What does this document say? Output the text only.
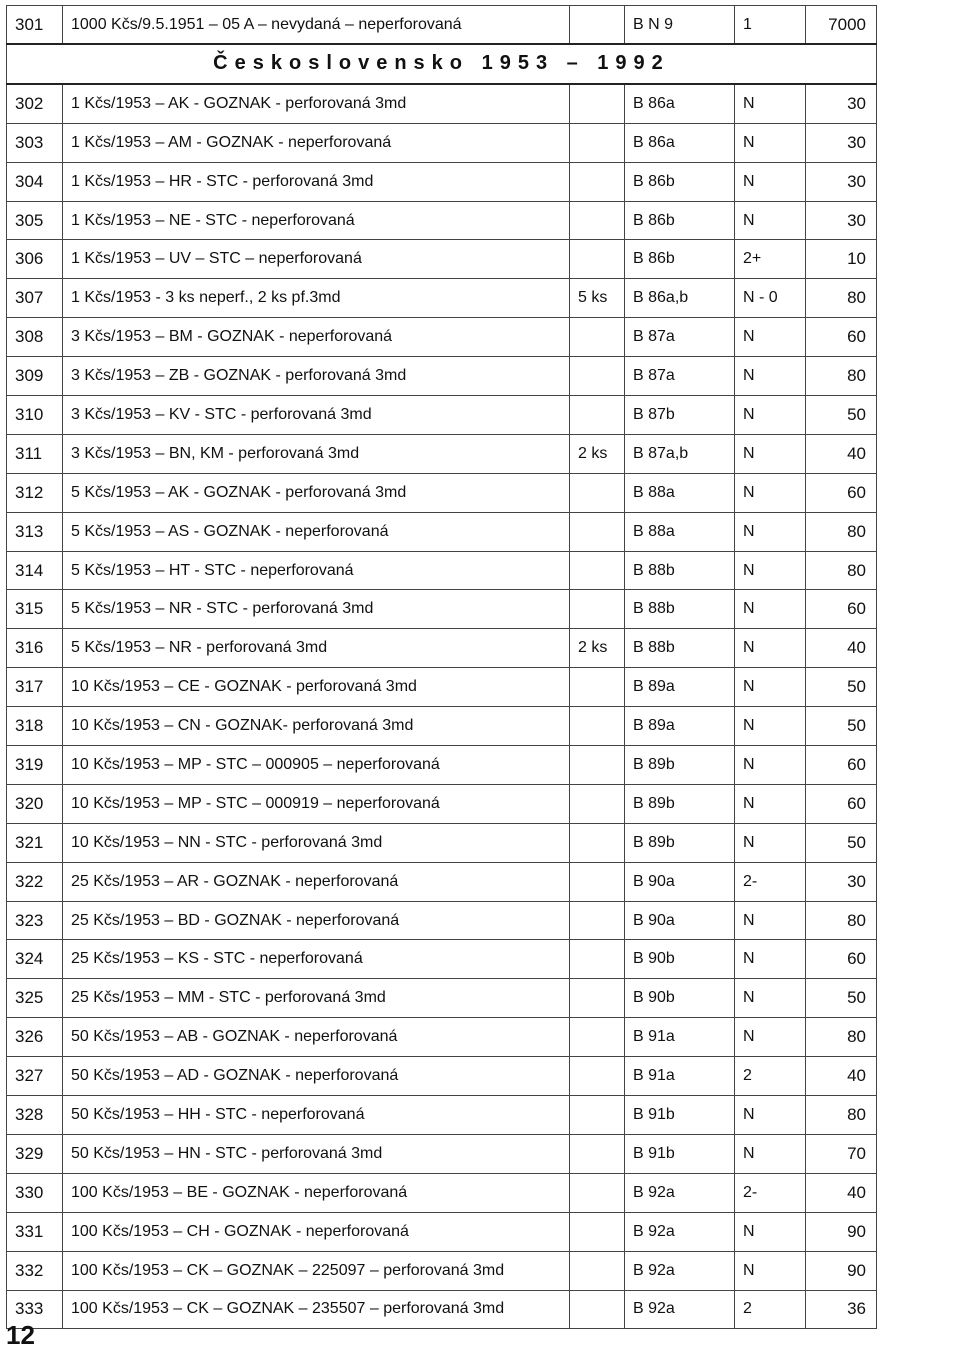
301	1000 Kčs/9.5.1951 – 05 A – nevydaná – neperforovaná		B N 9	1	7000
Československo 1953 – 1992					
302	1 Kčs/1953 – AK - GOZNAK - perforovaná 3md		B 86a	N	30
303	1 Kčs/1953 – AM - GOZNAK - neperforovaná		B 86a	N	30
304	1 Kčs/1953 – HR - STC - perforovaná 3md		B 86b	N	30
305	1 Kčs/1953 – NE - STC - neperforovaná		B 86b	N	30
306	1 Kčs/1953 – UV – STC – neperforovaná		B 86b	2+	10
307	1 Kčs/1953 - 3 ks neperf., 2 ks pf.3md	5 ks	B 86a,b	N - 0	80
308	3 Kčs/1953 – BM - GOZNAK - neperforovaná		B 87a	N	60
309	3 Kčs/1953 – ZB - GOZNAK - perforovaná 3md		B 87a	N	80
310	3 Kčs/1953 – KV - STC - perforovaná 3md		B 87b	N	50
311	3 Kčs/1953 – BN, KM - perforovaná 3md	2 ks	B 87a,b	N	40
312	5 Kčs/1953 – AK - GOZNAK - perforovaná 3md		B 88a	N	60
313	5 Kčs/1953 – AS - GOZNAK - neperforovaná		B 88a	N	80
314	5 Kčs/1953 – HT - STC - neperforovaná		B 88b	N	80
315	5 Kčs/1953 – NR - STC - perforovaná 3md		B 88b	N	60
316	5 Kčs/1953 – NR - perforovaná 3md	2 ks	B 88b	N	40
317	10 Kčs/1953 – CE - GOZNAK - perforovaná 3md		B 89a	N	50
318	10 Kčs/1953 – CN - GOZNAK- perforovaná 3md		B 89a	N	50
319	10 Kčs/1953 – MP - STC – 000905 – neperforovaná		B 89b	N	60
320	10 Kčs/1953 – MP - STC – 000919 – neperforovaná		B 89b	N	60
321	10 Kčs/1953 – NN - STC - perforovaná 3md		B 89b	N	50
322	25 Kčs/1953 – AR - GOZNAK - neperforovaná		B 90a	2-	30
323	25 Kčs/1953 – BD - GOZNAK - neperforovaná		B 90a	N	80
324	25 Kčs/1953 – KS - STC - neperforovaná		B 90b	N	60
325	25 Kčs/1953 – MM - STC - perforovaná 3md		B 90b	N	50
326	50 Kčs/1953 – AB - GOZNAK - neperforovaná		B 91a	N	80
327	50 Kčs/1953 – AD - GOZNAK - neperforovaná		B 91a	2	40
328	50 Kčs/1953 – HH - STC - neperforovaná		B 91b	N	80
329	50 Kčs/1953 – HN - STC - perforovaná 3md		B 91b	N	70
330	100 Kčs/1953 – BE - GOZNAK - neperforovaná		B 92a	2-	40
331	100 Kčs/1953 – CH - GOZNAK - neperforovaná		B 92a	N	90
332	100 Kčs/1953 – CK – GOZNAK – 225097 – perforovaná 3md		B 92a	N	90
333	100 Kčs/1953 – CK – GOZNAK – 235507 – perforovaná 3md		B 92a	2	36
12
